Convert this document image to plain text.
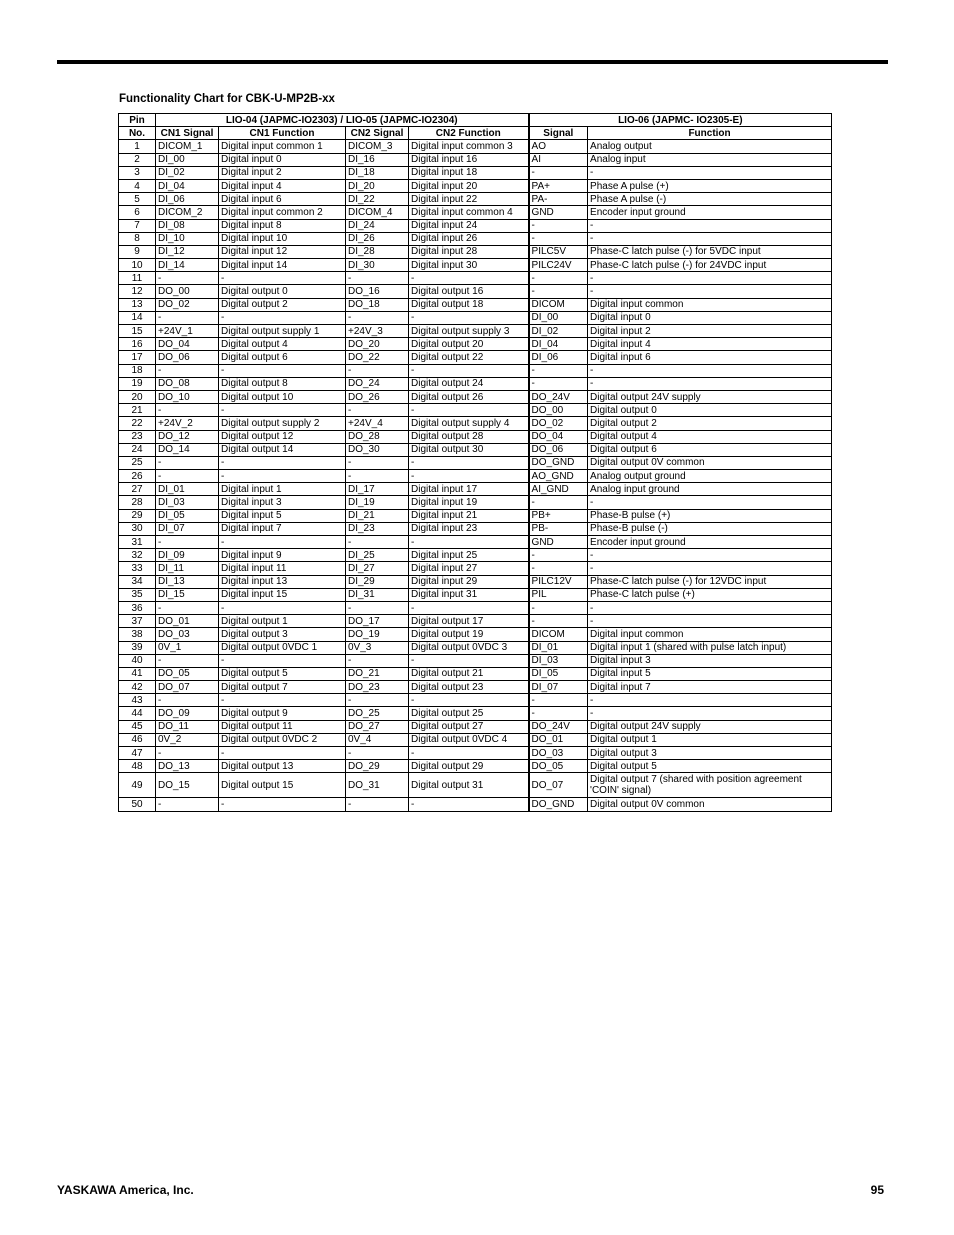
Functionality Chart for CBK-U-MP2B-xx
Pin	LIO-04 (JAPMC-IO2303) / LIO-05 (JAPMC-IO2304)				LIO-06 (JAPMC- IO2305-E)	
No.	CN1 Signal	CN1 Function	CN2 Signal	CN2 Function	Signal	Function
1	DICOM_1	Digital input common 1	DICOM_3	Digital input common 3	AO	Analog output
2	DI_00	Digital input 0	DI_16	Digital input 16	AI	Analog input
3	DI_02	Digital input 2	DI_18	Digital input 18	-	-
4	DI_04	Digital input 4	DI_20	Digital input 20	PA+	Phase A pulse (+)
5	DI_06	Digital input 6	DI_22	Digital input 22	PA-	Phase A pulse (-)
6	DICOM_2	Digital input common 2	DICOM_4	Digital input common 4	GND	Encoder input ground
7	DI_08	Digital input 8	DI_24	Digital input 24	-	-
8	DI_10	Digital input 10	DI_26	Digital input 26	-	-
9	DI_12	Digital input 12	DI_28	Digital input 28	PILC5V	Phase-C latch pulse (-) for 5VDC input
10	DI_14	Digital input 14	DI_30	Digital input 30	PILC24V	Phase-C latch pulse (-) for 24VDC input
11	-	-	-	-	-	-
12	DO_00	Digital output 0	DO_16	Digital output 16	-	-
13	DO_02	Digital output 2	DO_18	Digital output 18	DICOM	Digital input common
14	-	-	-	-	DI_00	Digital input 0
15	+24V_1	Digital output supply 1	+24V_3	Digital output supply 3	DI_02	Digital input 2
16	DO_04	Digital output 4	DO_20	Digital output 20	DI_04	Digital input 4
17	DO_06	Digital output 6	DO_22	Digital output 22	DI_06	Digital input 6
18	-	-	-	-	-	-
19	DO_08	Digital output 8	DO_24	Digital output 24	-	-
20	DO_10	Digital output 10	DO_26	Digital output 26	DO_24V	Digital output 24V supply
21	-	-	-	-	DO_00	Digital output 0
22	+24V_2	Digital output supply 2	+24V_4	Digital output supply 4	DO_02	Digital output 2
23	DO_12	Digital output 12	DO_28	Digital output 28	DO_04	Digital output 4
24	DO_14	Digital output 14	DO_30	Digital output 30	DO_06	Digital output 6
25	-	-	-	-	DO_GND	Digital output 0V common
26	-	-	-	-	AO_GND	Analog output ground
27	DI_01	Digital input 1	DI_17	Digital input 17	AI_GND	Analog input ground
28	DI_03	Digital input 3	DI_19	Digital input 19	-	-
29	DI_05	Digital input 5	DI_21	Digital input 21	PB+	Phase-B pulse (+)
30	DI_07	Digital input 7	DI_23	Digital input 23	PB-	Phase-B pulse (-)
31	-	-	-	-	GND	Encoder input ground
32	DI_09	Digital input 9	DI_25	Digital input 25	-	-
33	DI_11	Digital input 11	DI_27	Digital input 27	-	-
34	DI_13	Digital input 13	DI_29	Digital input 29	PILC12V	Phase-C latch pulse (-) for 12VDC input
35	DI_15	Digital input 15	DI_31	Digital input 31	PIL	Phase-C latch pulse (+)
36	-	-	-	-	-	-
37	DO_01	Digital output 1	DO_17	Digital output 17	-	-
38	DO_03	Digital output 3	DO_19	Digital output 19	DICOM	Digital input common
39	0V_1	Digital output 0VDC 1	0V_3	Digital output 0VDC 3	DI_01	Digital input 1 (shared with pulse latch input)
40	-	-	-	-	DI_03	Digital input 3
41	DO_05	Digital output 5	DO_21	Digital output 21	DI_05	Digital input 5
42	DO_07	Digital output 7	DO_23	Digital output 23	DI_07	Digital input 7
43	-	-	-	-	-	-
44	DO_09	Digital output 9	DO_25	Digital output 25	-	-
45	DO_11	Digital output 11	DO_27	Digital output 27	DO_24V	Digital output 24V supply
46	0V_2	Digital output 0VDC 2	0V_4	Digital output 0VDC 4	DO_01	Digital output 1
47	-	-	-	-	DO_03	Digital output 3
48	DO_13	Digital output 13	DO_29	Digital output 29	DO_05	Digital output 5
49	DO_15	Digital output 15	DO_31	Digital output 31	DO_07	Digital output 7 (shared with position agreement 'COIN' signal)
50	-	-	-	-	DO_GND	Digital output 0V common
YASKAWA America, Inc.	95
